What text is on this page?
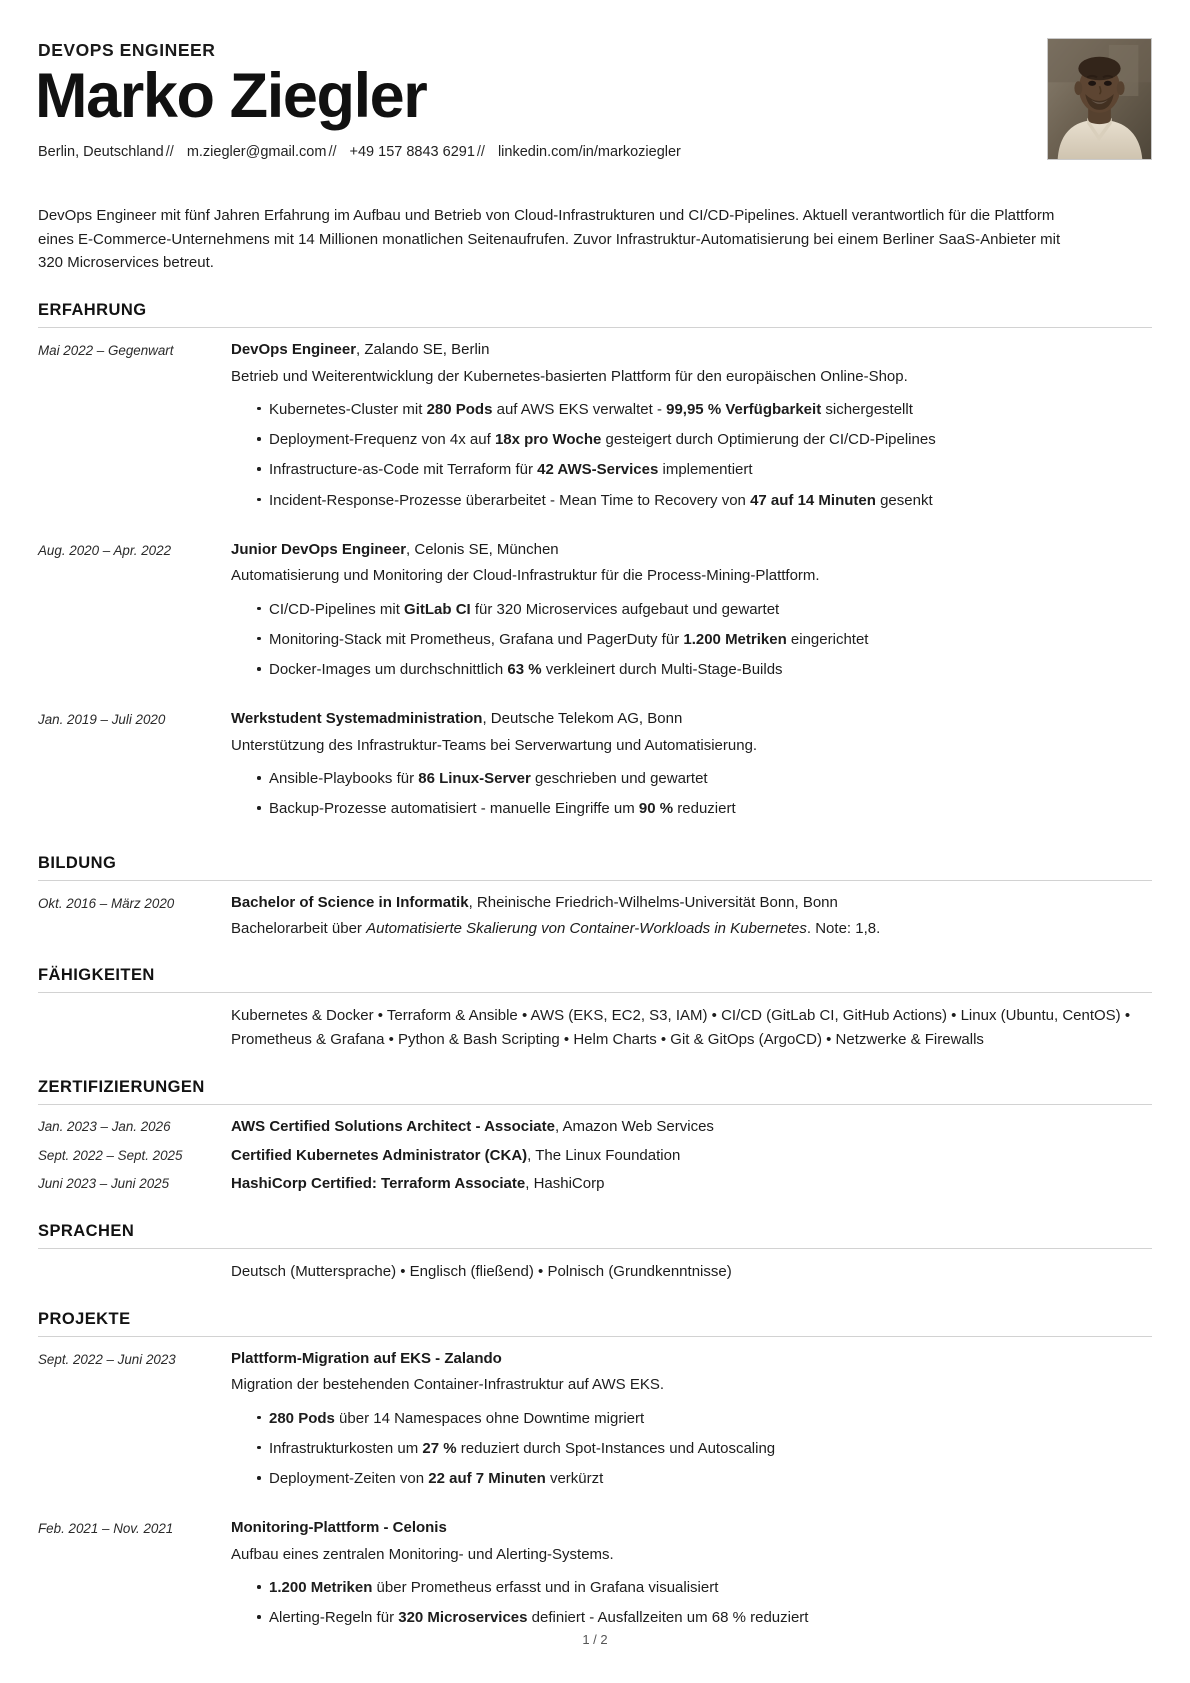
DEVOPS ENGINEER
Marko Ziegler
Berlin, Deutschland // m.ziegler@gmail.com // +49 157 8843 6291 // linkedin.com/in/markoziegler
DevOps Engineer mit fünf Jahren Erfahrung im Aufbau und Betrieb von Cloud-Infrastrukturen und CI/CD-Pipelines. Aktuell verantwortlich für die Plattform eines E-Commerce-Unternehmens mit 14 Millionen monatlichen Seitenaufrufen. Zuvor Infrastruktur-Automatisierung bei einem Berliner SaaS-Anbieter mit 320 Microservices betreut.
ERFAHRUNG
Mai 2022 – Gegenwart	DevOps Engineer, Zalando SE, Berlin
Betrieb und Weiterentwicklung der Kubernetes-basierten Plattform für den europäischen Online-Shop.
Kubernetes-Cluster mit 280 Pods auf AWS EKS verwaltet - 99,95 % Verfügbarkeit sichergestellt
Deployment-Frequenz von 4x auf 18x pro Woche gesteigert durch Optimierung der CI/CD-Pipelines
Infrastructure-as-Code mit Terraform für 42 AWS-Services implementiert
Incident-Response-Prozesse überarbeitet - Mean Time to Recovery von 47 auf 14 Minuten gesenkt
Aug. 2020 – Apr. 2022	Junior DevOps Engineer, Celonis SE, München
Automatisierung und Monitoring der Cloud-Infrastruktur für die Process-Mining-Plattform.
CI/CD-Pipelines mit GitLab CI für 320 Microservices aufgebaut und gewartet
Monitoring-Stack mit Prometheus, Grafana und PagerDuty für 1.200 Metriken eingerichtet
Docker-Images um durchschnittlich 63 % verkleinert durch Multi-Stage-Builds
Jan. 2019 – Juli 2020	Werkstudent Systemadministration, Deutsche Telekom AG, Bonn
Unterstützung des Infrastruktur-Teams bei Serverwartung und Automatisierung.
Ansible-Playbooks für 86 Linux-Server geschrieben und gewartet
Backup-Prozesse automatisiert - manuelle Eingriffe um 90 % reduziert
BILDUNG
Okt. 2016 – März 2020	Bachelor of Science in Informatik, Rheinische Friedrich-Wilhelms-Universität Bonn, Bonn
Bachelorarbeit über Automatisierte Skalierung von Container-Workloads in Kubernetes. Note: 1,8.
FÄHIGKEITEN
Kubernetes & Docker • Terraform & Ansible • AWS (EKS, EC2, S3, IAM) • CI/CD (GitLab CI, GitHub Actions) • Linux (Ubuntu, CentOS) • Prometheus & Grafana • Python & Bash Scripting • Helm Charts • Git & GitOps (ArgoCD) • Netzwerke & Firewalls
ZERTIFIZIERUNGEN
Jan. 2023 – Jan. 2026	AWS Certified Solutions Architect - Associate, Amazon Web Services
Sept. 2022 – Sept. 2025	Certified Kubernetes Administrator (CKA), The Linux Foundation
Juni 2023 – Juni 2025	HashiCorp Certified: Terraform Associate, HashiCorp
SPRACHEN
Deutsch (Muttersprache) • Englisch (fließend) • Polnisch (Grundkenntnisse)
PROJEKTE
Sept. 2022 – Juni 2023	Plattform-Migration auf EKS - Zalando
Migration der bestehenden Container-Infrastruktur auf AWS EKS.
280 Pods über 14 Namespaces ohne Downtime migriert
Infrastrukturkosten um 27 % reduziert durch Spot-Instances und Autoscaling
Deployment-Zeiten von 22 auf 7 Minuten verkürzt
Feb. 2021 – Nov. 2021	Monitoring-Plattform - Celonis
Aufbau eines zentralen Monitoring- und Alerting-Systems.
1.200 Metriken über Prometheus erfasst und in Grafana visualisiert
Alerting-Regeln für 320 Microservices definiert - Ausfallzeiten um 68 % reduziert
1 / 2
